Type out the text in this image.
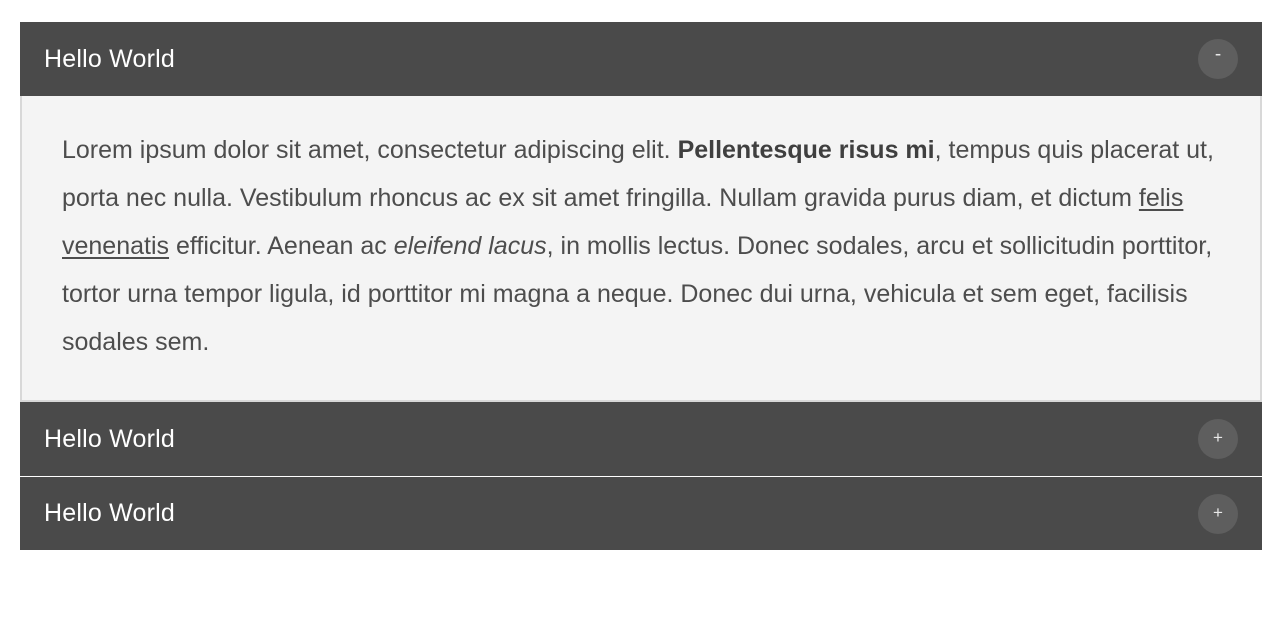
Hello World	-

Lorem ipsum dolor sit amet, consectetur adipiscing elit. Pellentesque risus mi, tempus quis placerat ut, porta nec nulla. Vestibulum rhoncus ac ex sit amet fringilla. Nullam gravida purus diam, et dictum felis venenatis efficitur. Aenean ac eleifend lacus, in mollis lectus. Donec sodales, arcu et sollicitudin porttitor, tortor urna tempor ligula, id porttitor mi magna a neque. Donec dui urna, vehicula et sem eget, facilisis sodales sem.

Hello World	+
Hello World	+
